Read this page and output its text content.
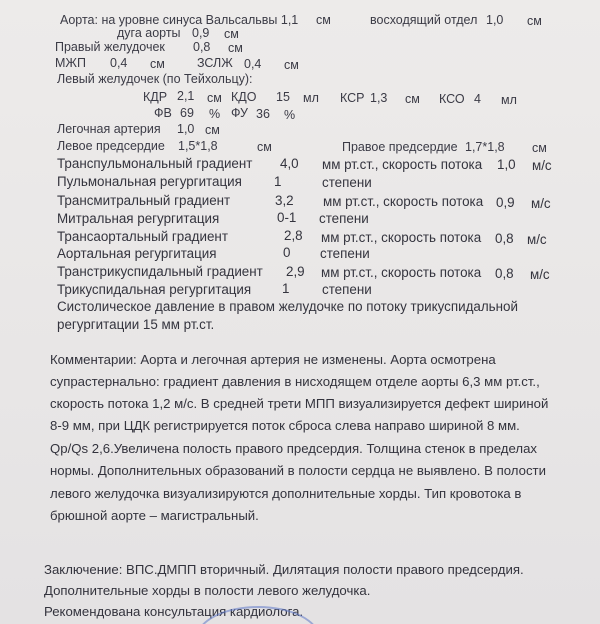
Аорта: на уровне синуса Вальсальвы 1,1 см	восходящий отдел 1,0 см
дуга аорты 0,9 см
Правый желудочек 0,8 см
МЖП 0,4 см	ЗСЛЖ 0,4 см
Левый желудочек (по Тейхольцу):
КДР 2,1 см КДО 15 мл КСР 1,3 см КСО 4 мл
ФВ 69 % ФУ 36 %
Легочная артерия 1,0 см
Левое предсердие 1,5*1,8	см	Правое предсердие 1,7*1,8 см
Транспульмональный градиент 4,0 мм рт.ст., скорость потока 1,0 м/с
Пульмональная регургитация 1	степени
Трансмитральный градиент	3,2 мм рт.ст., скорость потока 0,9 м/с
Митральная регургитация	0-1 степени
Трансаортальный градиент	2,8 мм рт.ст., скорость потока 0,8 м/с
Аортальная регургитация	0 степени
Транстрикуспидальный градиент 2,9 мм рт.ст., скорость потока 0,8 м/с
Трикуспидальная регургитация 1 степени
Систолическое давление в правом желудочке по потоку трикуспидальной
регургитации 15 мм рт.ст.
Комментарии: Аорта и легочная артерия не изменены. Аорта осмотрена
супрастернально: градиент давления в нисходящем отделе аорты 6,3 мм рт.ст.,
скорость потока 1,2 м/с. В средней трети МПП визуализируется дефект шириной
8-9 мм, при ЦДК регистрируется поток сброса слева направо шириной 8 мм.
Qp/Qs 2,6.Увеличена полость правого предсердия. Толщина стенок в пределах
нормы. Дополнительных образований в полости сердца не выявлено. В полости
левого желудочка визуализируются дополнительные хорды. Тип кровотока в
брюшной аорте – магистральный.
Заключение: ВПС.ДМПП вторичный. Дилятация полости правого предсердия.
Дополнительные хорды в полости левого желудочка.
Рекомендована консультация кардиолога.
